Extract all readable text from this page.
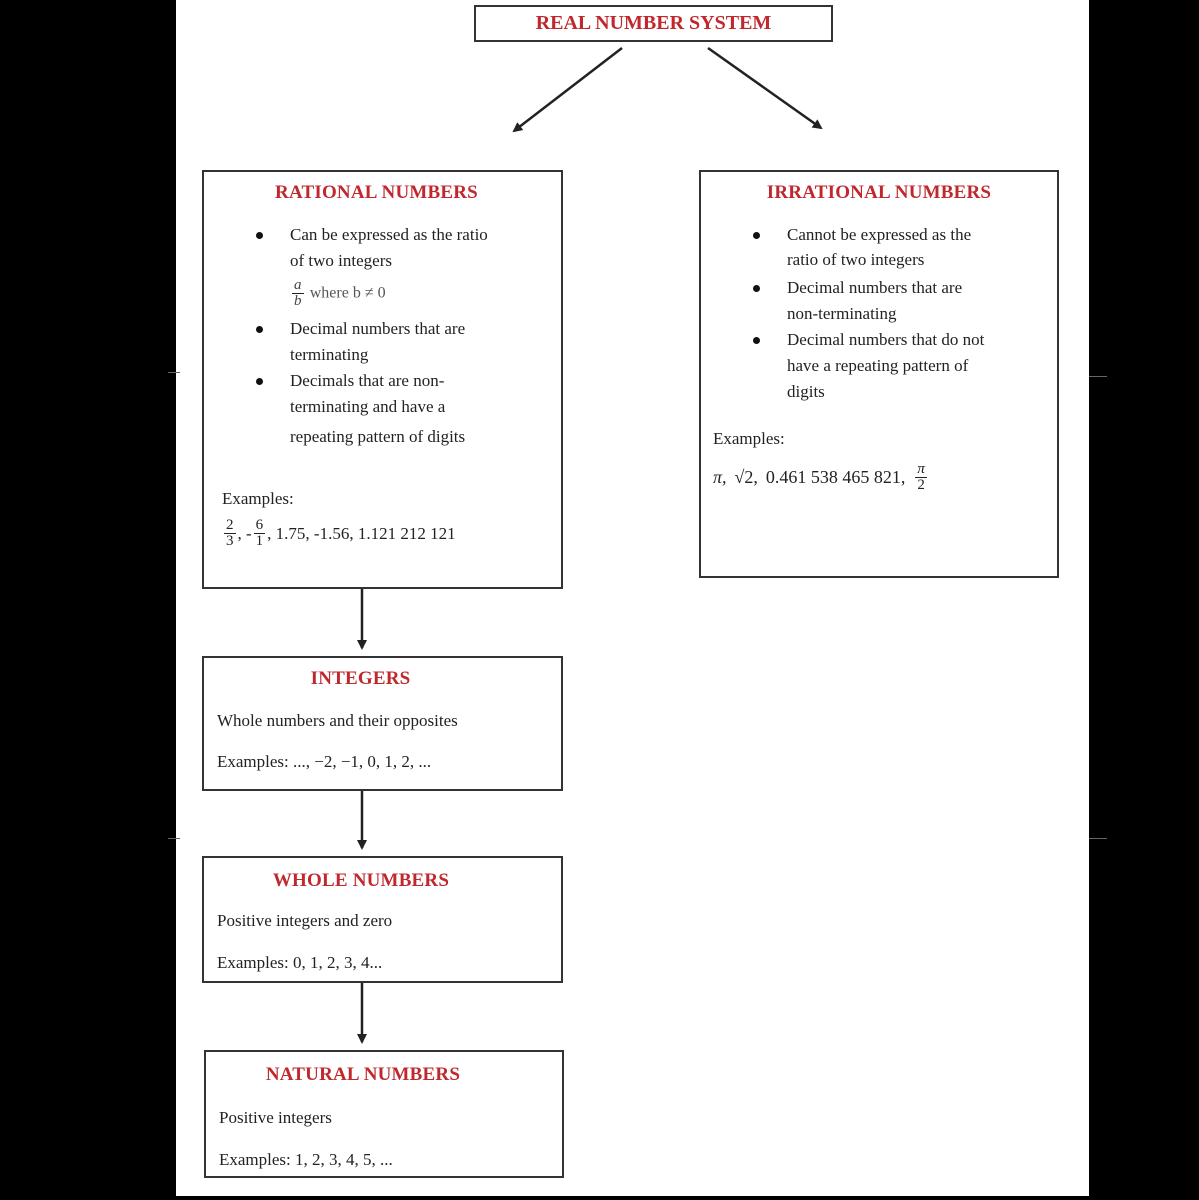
REAL NUMBER SYSTEM
RATIONAL NUMBERS
Can be expressed as the ratio
of two integers
$\frac{a}{b}$ where b ≠ 0
Decimal numbers that are
terminating
Decimals that are non-
terminating and have a
repeating pattern of digits
Examples:
$\frac{2}{3}$ , - $\frac{6}{1}$ , 1.75, -1.56, 1.121 212 121
IRRATIONAL NUMBERS
Cannot be expressed as the
ratio of two integers
Decimal numbers that are
non-terminating
Decimal numbers that do not
have a repeating pattern of
digits
Examples:
π, √2, 0.461 538 465 821, $\frac{\pi}{2}$
INTEGERS
Whole numbers and their opposites
Examples: ..., −2, −1, 0, 1, 2, ...
WHOLE NUMBERS
Positive integers and zero
Examples: 0, 1, 2, 3, 4...
NATURAL NUMBERS
Positive integers
Examples: 1, 2, 3, 4, 5, ...
